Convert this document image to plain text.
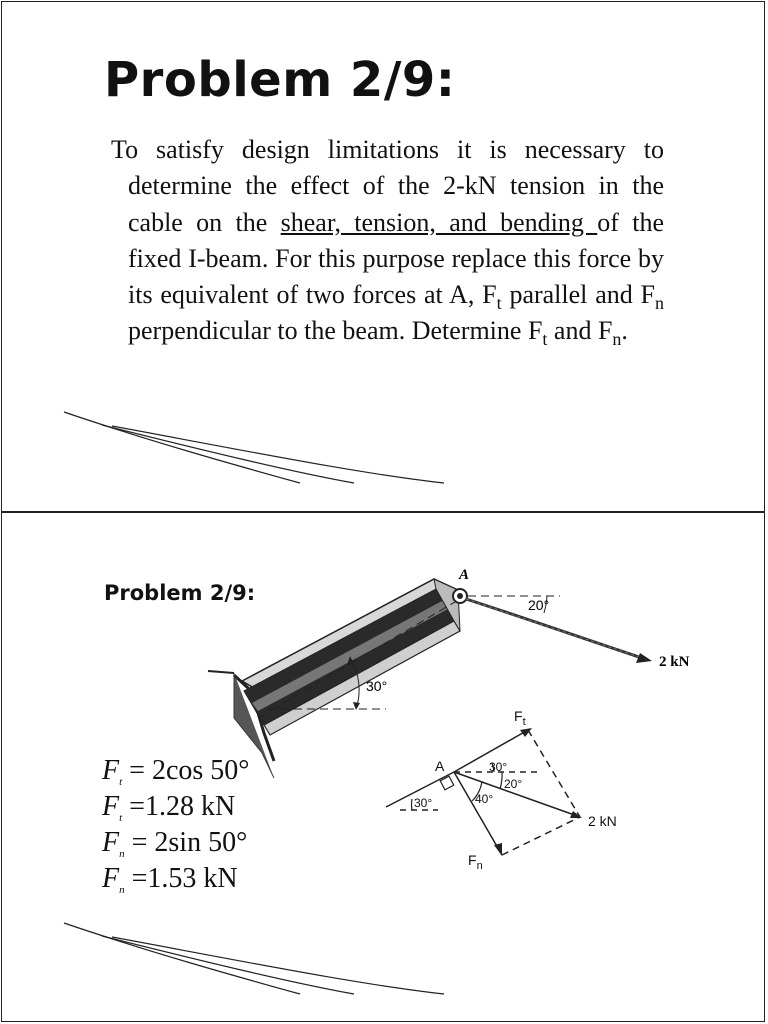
Problem 2/9:

To satisfy design limitations it is necessary to determine the effect of the 2-kN tension in the cable on the shear, tension, and bending of the fixed I-beam. For this purpose replace this force by its equivalent of two forces at A, $F_t$ parallel and $F_n$ perpendicular to the beam. Determine $F_t$ and $F_n$.

Problem 2/9:
A
2 kN
20°
30°
A
$F_t$
$F_n$
30°
20°
40°
30°
2 kN
$F_t = 2\cos$ 50°
$F_t =1.28$ kN
$F_n = 2\sin$ 50°
$F_n =1.53$ kN
